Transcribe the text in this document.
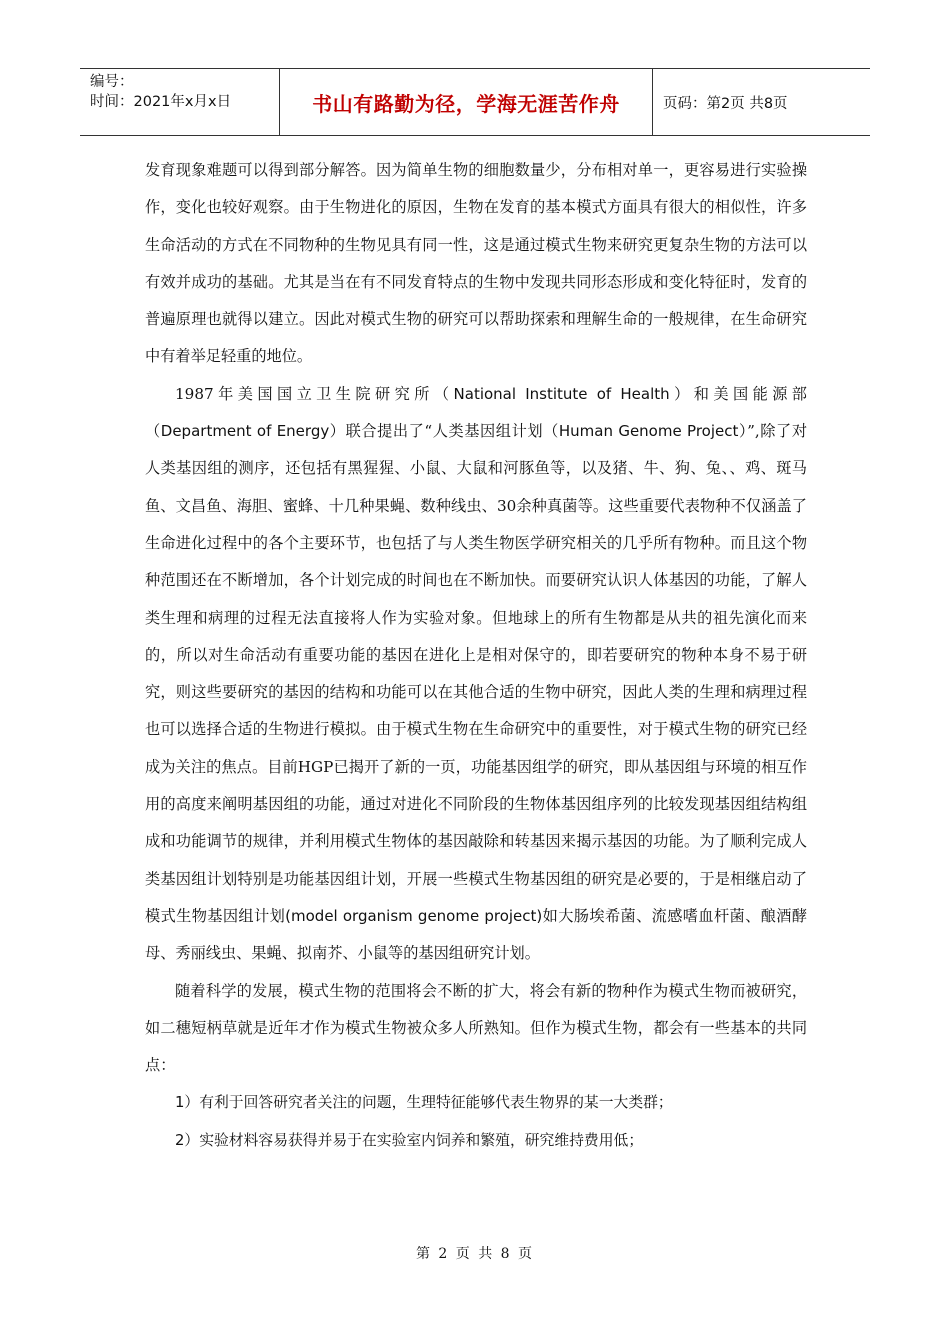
编号：
时间：2021年x月x日	书山有路勤为径，学海无涯苦作舟	页码：第2页 共8页

发育现象难题可以得到部分解答。因为简单生物的细胞数量少，分布相对单一，更容易进行实验操作，变化也较好观察。由于生物进化的原因，生物在发育的基本模式方面具有很大的相似性，许多生命活动的方式在不同物种的生物见具有同一性，这是通过模式生物来研究更复杂生物的方法可以有效并成功的基础。尤其是当在有不同发育特点的生物中发现共同形态形成和变化特征时，发育的普遍原理也就得以建立。因此对模式生物的研究可以帮助探索和理解生命的一般规律，在生命研究中有着举足轻重的地位。

1987年美国国立卫生院研究所（National Institute of Health）和美国能源部（Department of Energy）联合提出了“人类基因组计划（Human Genome Project）”,除了对人类基因组的测序，还包括有黑猩猩、小鼠、大鼠和河豚鱼等，以及猪、牛、狗、兔、、鸡、斑马鱼、文昌鱼、海胆、蜜蜂、十几种果蝇、数种线虫、30余种真菌等。这些重要代表物种不仅涵盖了生命进化过程中的各个主要环节，也包括了与人类生物医学研究相关的几乎所有物种。而且这个物种范围还在不断增加，各个计划完成的时间也在不断加快。而要研究认识人体基因的功能，了解人类生理和病理的过程无法直接将人作为实验对象。但地球上的所有生物都是从共的祖先演化而来的，所以对生命活动有重要功能的基因在进化上是相对保守的，即若要研究的物种本身不易于研究，则这些要研究的基因的结构和功能可以在其他合适的生物中研究，因此人类的生理和病理过程也可以选择合适的生物进行模拟。由于模式生物在生命研究中的重要性，对于模式生物的研究已经成为关注的焦点。目前HGP已揭开了新的一页，功能基因组学的研究，即从基因组与环境的相互作用的高度来阐明基因组的功能，通过对进化不同阶段的生物体基因组序列的比较发现基因组结构组成和功能调节的规律，并利用模式生物体的基因敲除和转基因来揭示基因的功能。为了顺利完成人类基因组计划特别是功能基因组计划，开展一些模式生物基因组的研究是必要的，于是相继启动了模式生物基因组计划(model organism genome project)如大肠埃希菌、流感嗜血杆菌、酿酒酵母、秀丽线虫、果蝇、拟南芥、小鼠等的基因组研究计划。

随着科学的发展，模式生物的范围将会不断的扩大，将会有新的物种作为模式生物而被研究，如二穗短柄草就是近年才作为模式生物被众多人所熟知。但作为模式生物，都会有一些基本的共同点：

1）有利于回答研究者关注的问题，生理特征能够代表生物界的某一大类群；

2）实验材料容易获得并易于在实验室内饲养和繁殖，研究维持费用低；

第 2 页 共 8 页
